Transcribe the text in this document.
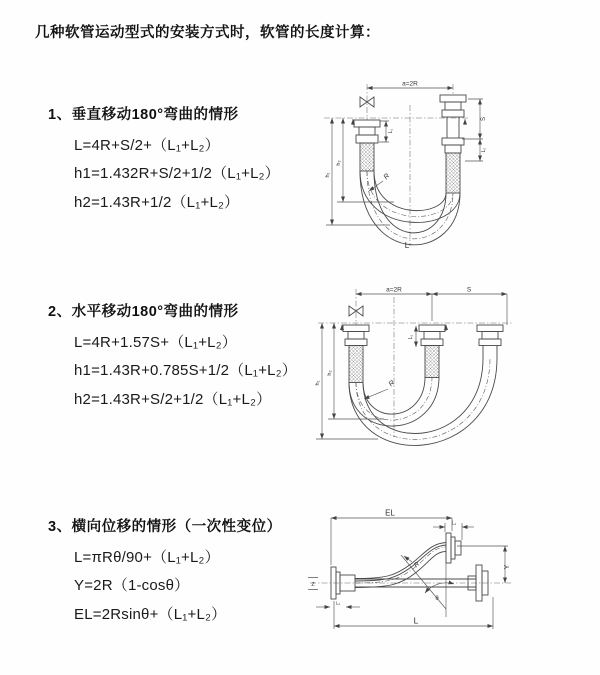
几种软管运动型式的安装方式时，软管的长度计算：
1、垂直移动180°弯曲的情形
L=4R+S/2+（L₁+L₂）
h1=1.432R+S/2+1/2（L₁+L₂）
h2=1.43R+1/2（L₁+L₂）
a=2R
h₁
h₂
L₁
S
L₂
R
L
2、水平移动180°弯曲的情形
L=4R+1.57S+（L₁+L₂）
h1=1.43R+0.785S+1/2（L₁+L₂）
h2=1.43R+S/2+1/2（L₁+L₂）
a=2R	S
h₁
h₂
L₁
R
3、横向位移的情形（一次性变位）
L=πRθ/90+（L₁+L₂）
Y=2R（1-cosθ）
EL=2Rsinθ+（L₁+L₂）
EL
L₁
Y
L
L₂
R
θ
Z
